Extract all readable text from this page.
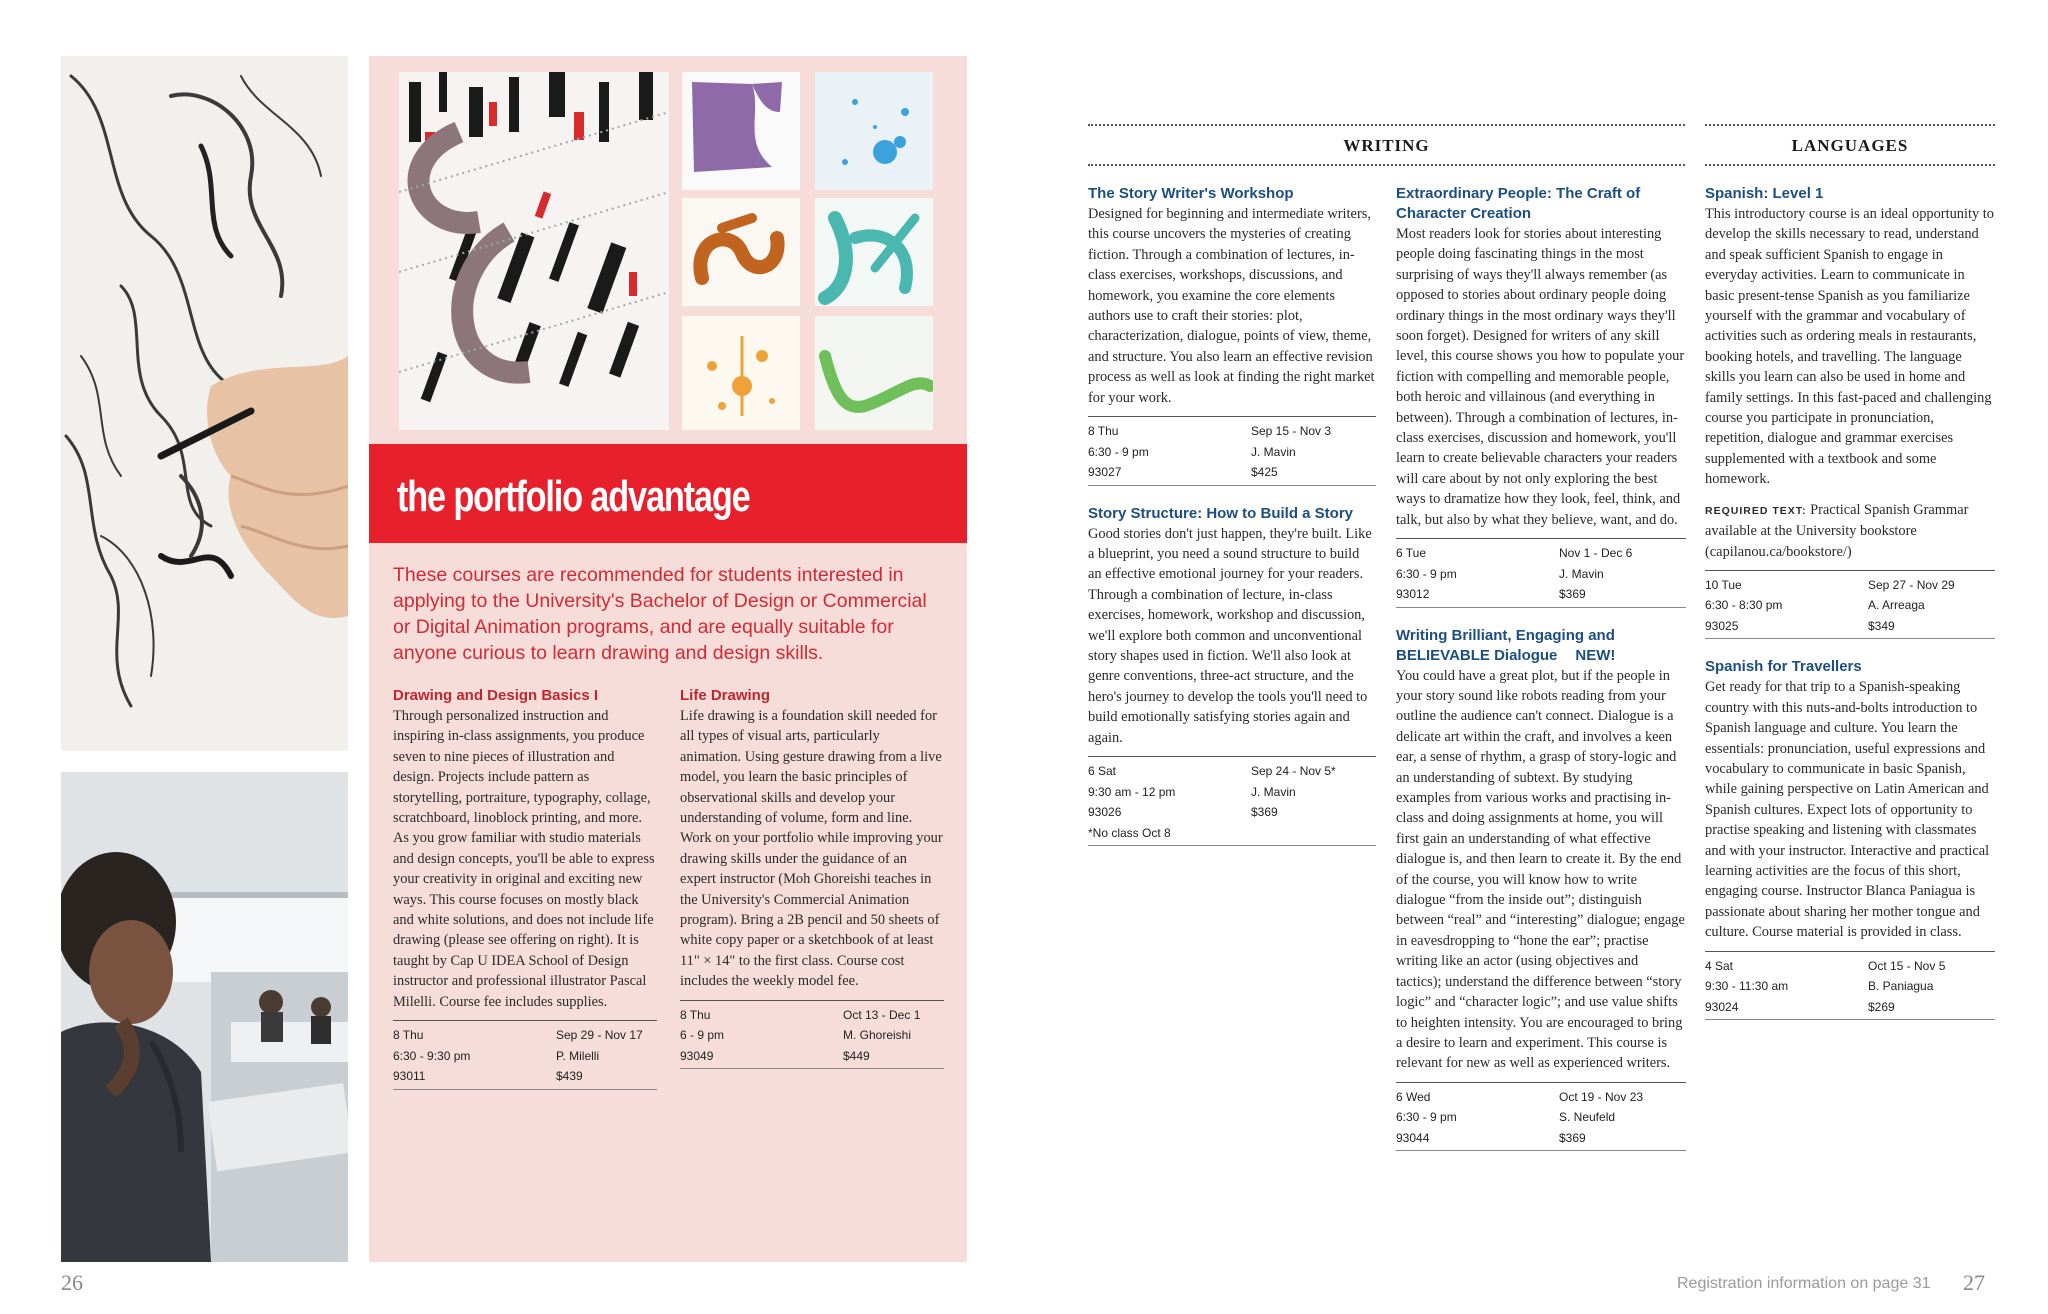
the portfolio advantage
These courses are recommended for students interested in applying to the University's Bachelor of Design or Commercial or Digital Animation programs, and are equally suitable for anyone curious to learn drawing and design skills.
Drawing and Design Basics I
Through personalized instruction and inspiring in-class assignments, you produce seven to nine pieces of illustration and design. Projects include pattern as storytelling, portraiture, typography, collage, scratchboard, linoblock printing, and more. As you grow familiar with studio materials and design concepts, you'll be able to express your creativity in original and exciting new ways. This course focuses on mostly black and white solutions, and does not include life drawing (please see offering on right). It is taught by Cap U IDEA School of Design instructor and professional illustrator Pascal Milelli. Course fee includes supplies.
8 Thu	Sep 29 - Nov 17
6:30 - 9:30 pm	P. Milelli
93011	$439
Life Drawing
Life drawing is a foundation skill needed for all types of visual arts, particularly animation. Using gesture drawing from a live model, you learn the basic principles of observational skills and develop your understanding of volume, form and line. Work on your portfolio while improving your drawing skills under the guidance of an expert instructor (Moh Ghoreishi teaches in the University's Commercial Animation program). Bring a 2B pencil and 50 sheets of white copy paper or a sketchbook of at least 11" × 14" to the first class. Course cost includes the weekly model fee.
8 Thu	Oct 13 - Dec 1
6 - 9 pm	M. Ghoreishi
93049	$449
26
WRITING	LANGUAGES
The Story Writer's Workshop
Designed for beginning and intermediate writers, this course uncovers the mysteries of creating fiction. Through a combination of lectures, in-class exercises, workshops, discussions, and homework, you examine the core elements authors use to craft their stories: plot, characterization, dialogue, points of view, theme, and structure. You also learn an effective revision process as well as look at finding the right market for your work.
8 Thu	Sep 15 - Nov 3
6:30 - 9 pm	J. Mavin
93027	$425
Story Structure: How to Build a Story
Good stories don't just happen, they're built. Like a blueprint, you need a sound structure to build an effective emotional journey for your readers. Through a combination of lecture, in-class exercises, homework, workshop and discussion, we'll explore both common and unconventional story shapes used in fiction. We'll also look at genre conventions, three-act structure, and the hero's journey to develop the tools you'll need to build emotionally satisfying stories again and again.
6 Sat	Sep 24 - Nov 5*
9:30 am - 12 pm	J. Mavin
93026	$369
*No class Oct 8
Extraordinary People: The Craft of Character Creation
Most readers look for stories about interesting people doing fascinating things in the most surprising of ways they'll always remember (as opposed to stories about ordinary people doing ordinary things in the most ordinary ways they'll soon forget). Designed for writers of any skill level, this course shows you how to populate your fiction with compelling and memorable people, both heroic and villainous (and everything in between). Through a combination of lectures, in-class exercises, discussion and homework, you'll learn to create believable characters your readers will care about by not only exploring the best ways to dramatize how they look, feel, think, and talk, but also by what they believe, want, and do.
6 Tue	Nov 1 - Dec 6
6:30 - 9 pm	J. Mavin
93012	$369
Writing Brilliant, Engaging and BELIEVABLE Dialogue NEW!
You could have a great plot, but if the people in your story sound like robots reading from your outline the audience can't connect. Dialogue is a delicate art within the craft, and involves a keen ear, a sense of rhythm, a grasp of story-logic and an understanding of subtext. By studying examples from various works and practising in-class and doing assignments at home, you will first gain an understanding of what effective dialogue is, and then learn to create it. By the end of the course, you will know how to write dialogue “from the inside out”; distinguish between “real” and “interesting” dialogue; engage in eavesdropping to “hone the ear”; practise writing like an actor (using objectives and tactics); understand the difference between “story logic” and “character logic”; and use value shifts to heighten intensity. You are encouraged to bring a desire to learn and experiment. This course is relevant for new as well as experienced writers.
6 Wed	Oct 19 - Nov 23
6:30 - 9 pm	S. Neufeld
93044	$369
Spanish: Level 1
This introductory course is an ideal opportunity to develop the skills necessary to read, understand and speak sufficient Spanish to engage in everyday activities. Learn to communicate in basic present-tense Spanish as you familiarize yourself with the grammar and vocabulary of activities such as ordering meals in restaurants, booking hotels, and travelling. The language skills you learn can also be used in home and family settings. In this fast-paced and challenging course you participate in pronunciation, repetition, dialogue and grammar exercises supplemented with a textbook and some homework.
REQUIRED TEXT: Practical Spanish Grammar available at the University bookstore (capilanou.ca/bookstore/)
10 Tue	Sep 27 - Nov 29
6:30 - 8:30 pm	A. Arreaga
93025	$349
Spanish for Travellers
Get ready for that trip to a Spanish-speaking country with this nuts-and-bolts introduction to Spanish language and culture. You learn the essentials: pronunciation, useful expressions and vocabulary to communicate in basic Spanish, while gaining perspective on Latin American and Spanish cultures. Expect lots of opportunity to practise speaking and listening with classmates and with your instructor. Interactive and practical learning activities are the focus of this short, engaging course. Instructor Blanca Paniagua is passionate about sharing her mother tongue and culture. Course material is provided in class.
4 Sat	Oct 15 - Nov 5
9:30 - 11:30 am	B. Paniagua
93024	$269
Registration information on page 31 27
